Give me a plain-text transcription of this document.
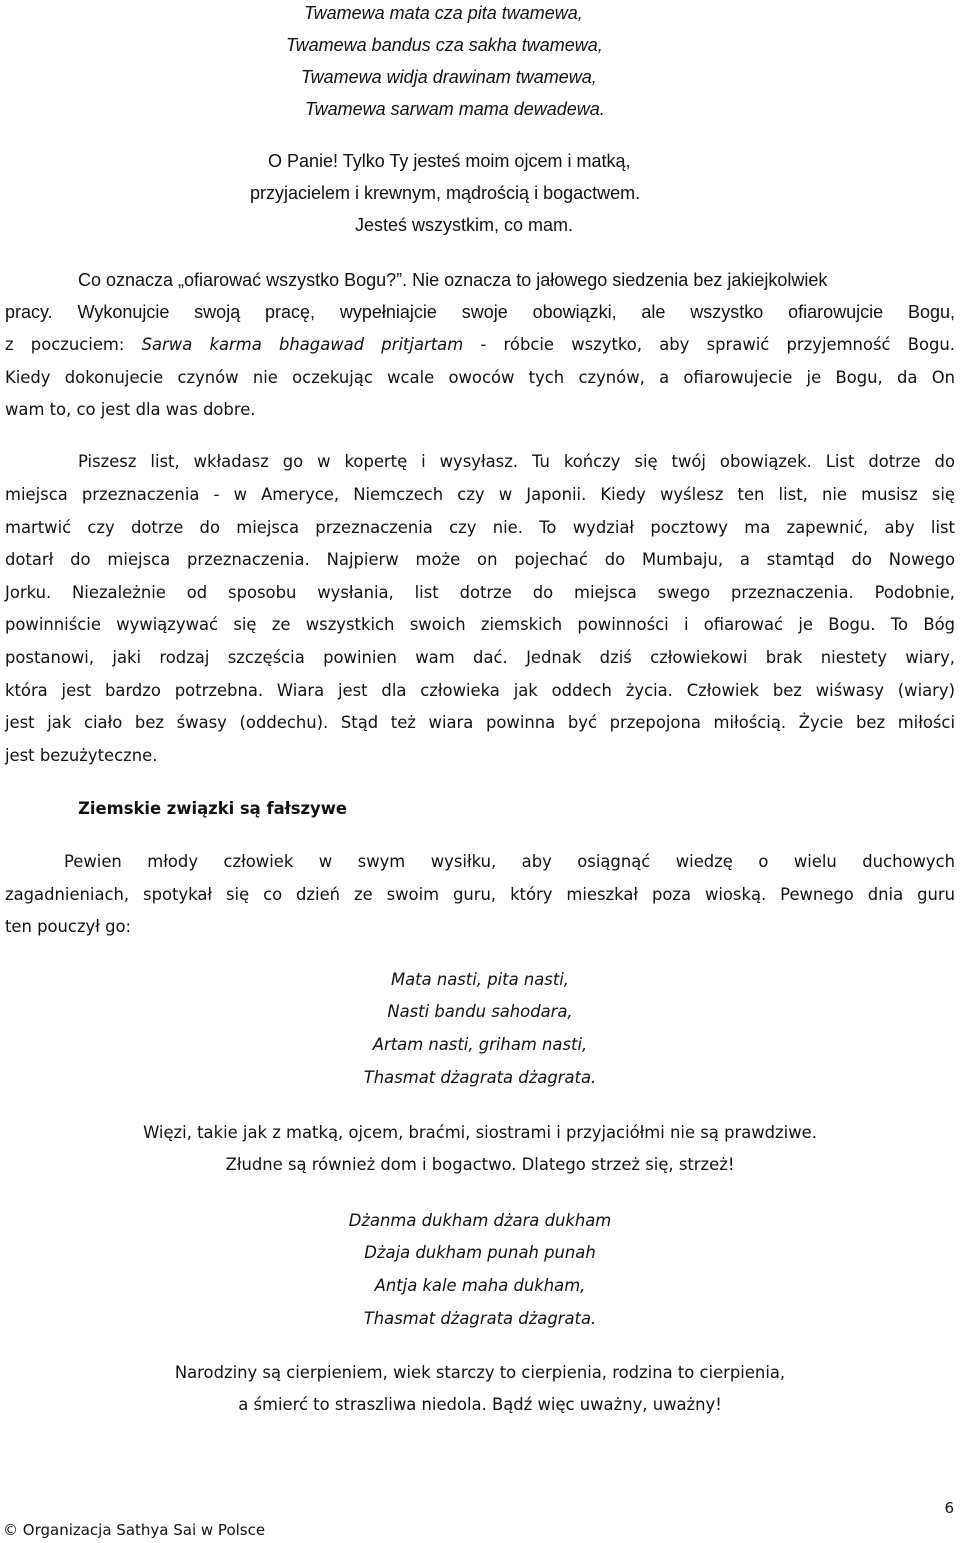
Twamewa mata cza pita twamewa,

Twamewa bandus cza sakha twamewa,

Twamewa widja drawinam twamewa,

Twamewa sarwam mama dewadewa.

O Panie! Tylko Ty jesteś moim ojcem i matką,

przyjacielem i krewnym, mądrością i bogactwem.

Jesteś wszystkim, co mam.

Co oznacza „ofiarować wszystko Bogu?”. Nie oznacza to jałowego siedzenia bez jakiejkolwiek

pracy. Wykonujcie swoją pracę, wypełniajcie swoje obowiązki, ale wszystko ofiarowujcie Bogu,

z poczuciem: Sarwa karma bhagawad pritjartam - róbcie wszytko, aby sprawić przyjemność Bogu.

Kiedy dokonujecie czynów nie oczekując wcale owoców tych czynów, a ofiarowujecie je Bogu, da On

wam to, co jest dla was dobre.

Piszesz list, wkładasz go w kopertę i wysyłasz. Tu kończy się twój obowiązek. List dotrze do

miejsca przeznaczenia - w Ameryce, Niemczech czy w Japonii. Kiedy wyślesz ten list, nie musisz się

martwić czy dotrze do miejsca przeznaczenia czy nie. To wydział pocztowy ma zapewnić, aby list

dotarł do miejsca przeznaczenia. Najpierw może on pojechać do Mumbaju, a stamtąd do Nowego

Jorku. Niezależnie od sposobu wysłania, list dotrze do miejsca swego przeznaczenia. Podobnie,

powinniście wywiązywać się ze wszystkich swoich ziemskich powinności i ofiarować je Bogu. To Bóg

postanowi, jaki rodzaj szczęścia powinien wam dać. Jednak dziś człowiekowi brak niestety wiary,

która jest bardzo potrzebna. Wiara jest dla człowieka jak oddech życia. Człowiek bez wiśwasy (wiary)

jest jak ciało bez śwasy (oddechu). Stąd też wiara powinna być przepojona miłością. Życie bez miłości

jest bezużyteczne.

Ziemskie związki są fałszywe

Pewien młody człowiek w swym wysiłku, aby osiągnąć wiedzę o wielu duchowych

zagadnieniach, spotykał się co dzień ze swoim guru, który mieszkał poza wioską. Pewnego dnia guru

ten pouczył go:

Mata nasti, pita nasti,

Nasti bandu sahodara,

Artam nasti, griham nasti,

Thasmat dżagrata dżagrata.

Więzi, takie jak z matką, ojcem, braćmi, siostrami i przyjaciółmi nie są prawdziwe.

Złudne są również dom i bogactwo. Dlatego strzeż się, strzeż!

Dżanma dukham dżara dukham

Dżaja dukham punah punah

Antja kale maha dukham,

Thasmat dżagrata dżagrata.

Narodziny są cierpieniem, wiek starczy to cierpienia, rodzina to cierpienia,

a śmierć to straszliwa niedola. Bądź więc uważny, uważny!

6

© Organizacja Sathya Sai w Polsce
